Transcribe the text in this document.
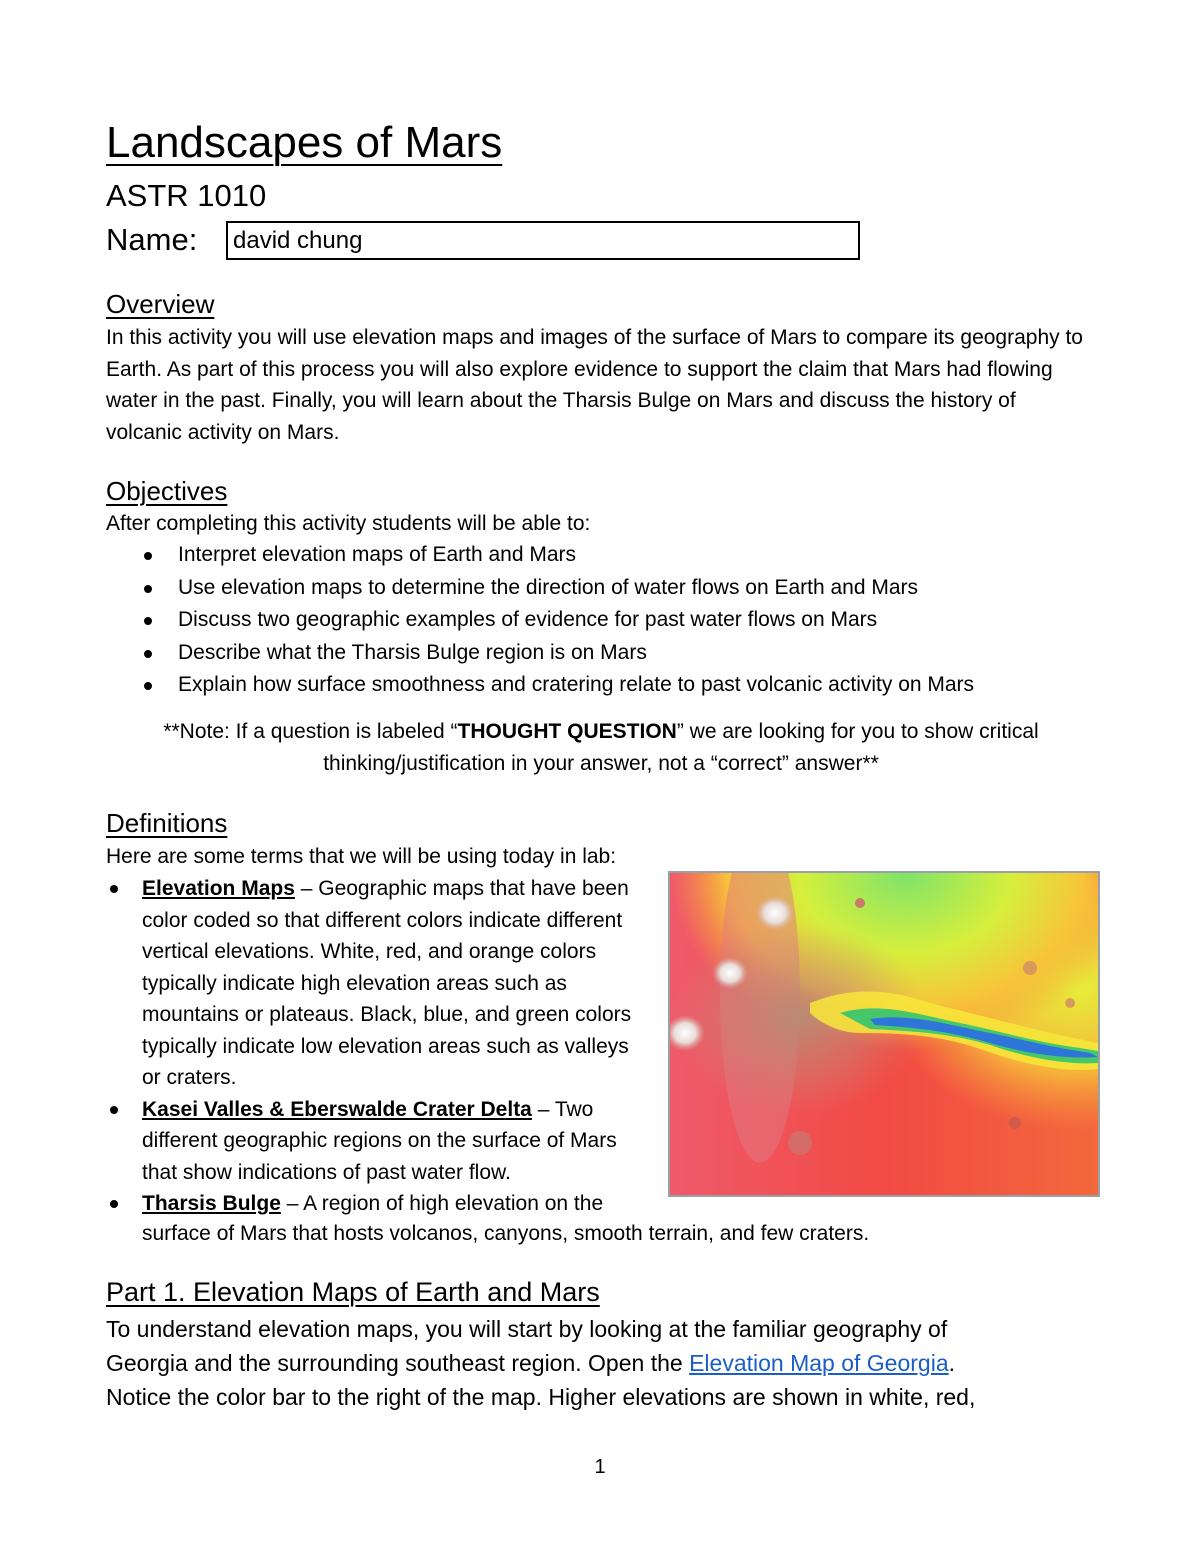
Landscapes of Mars
ASTR 1010
Name: david chung
Overview
In this activity you will use elevation maps and images of the surface of Mars to compare its geography to Earth. As part of this process you will also explore evidence to support the claim that Mars had flowing water in the past. Finally, you will learn about the Tharsis Bulge on Mars and discuss the history of volcanic activity on Mars.
Objectives
After completing this activity students will be able to:
Interpret elevation maps of Earth and Mars
Use elevation maps to determine the direction of water flows on Earth and Mars
Discuss two geographic examples of evidence for past water flows on Mars
Describe what the Tharsis Bulge region is on Mars
Explain how surface smoothness and cratering relate to past volcanic activity on Mars
**Note: If a question is labeled “THOUGHT QUESTION” we are looking for you to show critical thinking/justification in your answer, not a “correct” answer**
Definitions
Here are some terms that we will be using today in lab:
Elevation Maps – Geographic maps that have been color coded so that different colors indicate different vertical elevations. White, red, and orange colors typically indicate high elevation areas such as mountains or plateaus. Black, blue, and green colors typically indicate low elevation areas such as valleys or craters.
Kasei Valles & Eberswalde Crater Delta – Two different geographic regions on the surface of Mars that show indications of past water flow.
Tharsis Bulge – A region of high elevation on the
surface of Mars that hosts volcanos, canyons, smooth terrain, and few craters.
Part 1. Elevation Maps of Earth and Mars
To understand elevation maps, you will start by looking at the familiar geography of
Georgia and the surrounding southeast region. Open the Elevation Map of Georgia.
Notice the color bar to the right of the map. Higher elevations are shown in white, red,
1
